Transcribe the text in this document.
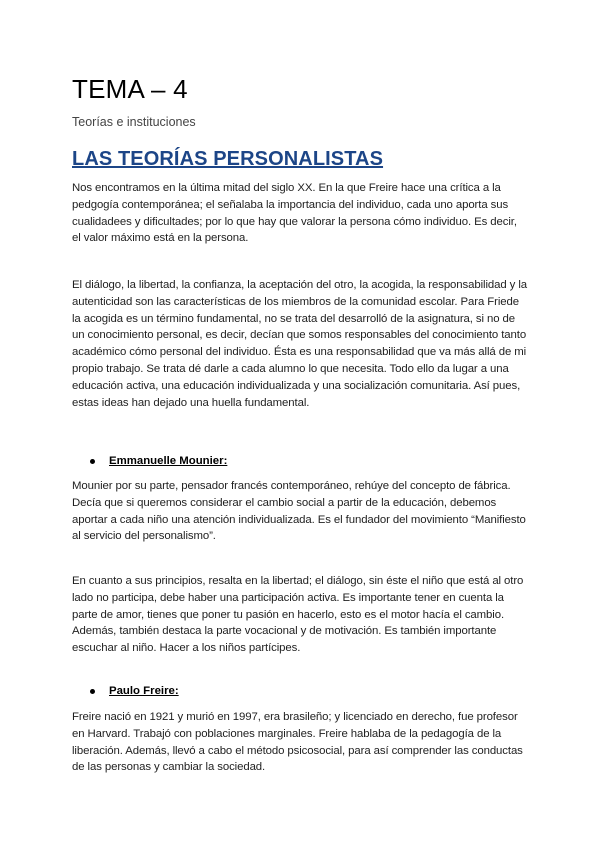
TEMA – 4
Teorías e instituciones
LAS TEORÍAS PERSONALISTAS

Nos encontramos en la última mitad del siglo XX. En la que Freire hace una crítica a la pedgogía contemporánea; el señalaba la importancia del individuo, cada uno aporta sus cualidadees y dificultades; por lo que hay que valorar la persona cómo individuo. Es decir, el valor máximo está en la persona.

El diálogo, la libertad, la confianza, la aceptación del otro, la acogida, la responsabilidad y la autenticidad son las características de los miembros de la comunidad escolar. Para Friede la acogida es un término fundamental, no se trata del desarrolló de la asignatura, si no de un conocimiento personal, es decir, decían que somos responsables del conocimiento tanto académico cómo personal del individuo. Ésta es una responsabilidad que va más allá de mi propio trabajo. Se trata dé darle a cada alumno lo que necesita. Todo ello da lugar a una educación activa, una educación individualizada y una socialización comunitaria. Así pues, estas ideas han dejado una huella fundamental.

Emmanuelle Mounier:

Mounier por su parte, pensador francés contemporáneo, rehúye del concepto de fábrica. Decía que si queremos considerar el cambio social a partir de la educación, debemos aportar a cada niño una atención individualizada. Es el fundador del movimiento “Manifiesto al servicio del personalismo”.

En cuanto a sus principios, resalta en la libertad; el diálogo, sin éste el niño que está al otro lado no participa, debe haber una participación activa. Es importante tener en cuenta la parte de amor, tienes que poner tu pasión en hacerlo, esto es el motor hacía el cambio. Además, también destaca la parte vocacional y de motivación. Es también importante escuchar al niño. Hacer a los niños partícipes.

Paulo Freire:

Freire nació en 1921 y murió en 1997, era brasileño; y licenciado en derecho, fue profesor en Harvard. Trabajó con poblaciones marginales. Freire hablaba de la pedagogía de la liberación. Además, llevó a cabo el método psicosocial, para así comprender las conductas de las personas y cambiar la sociedad.
